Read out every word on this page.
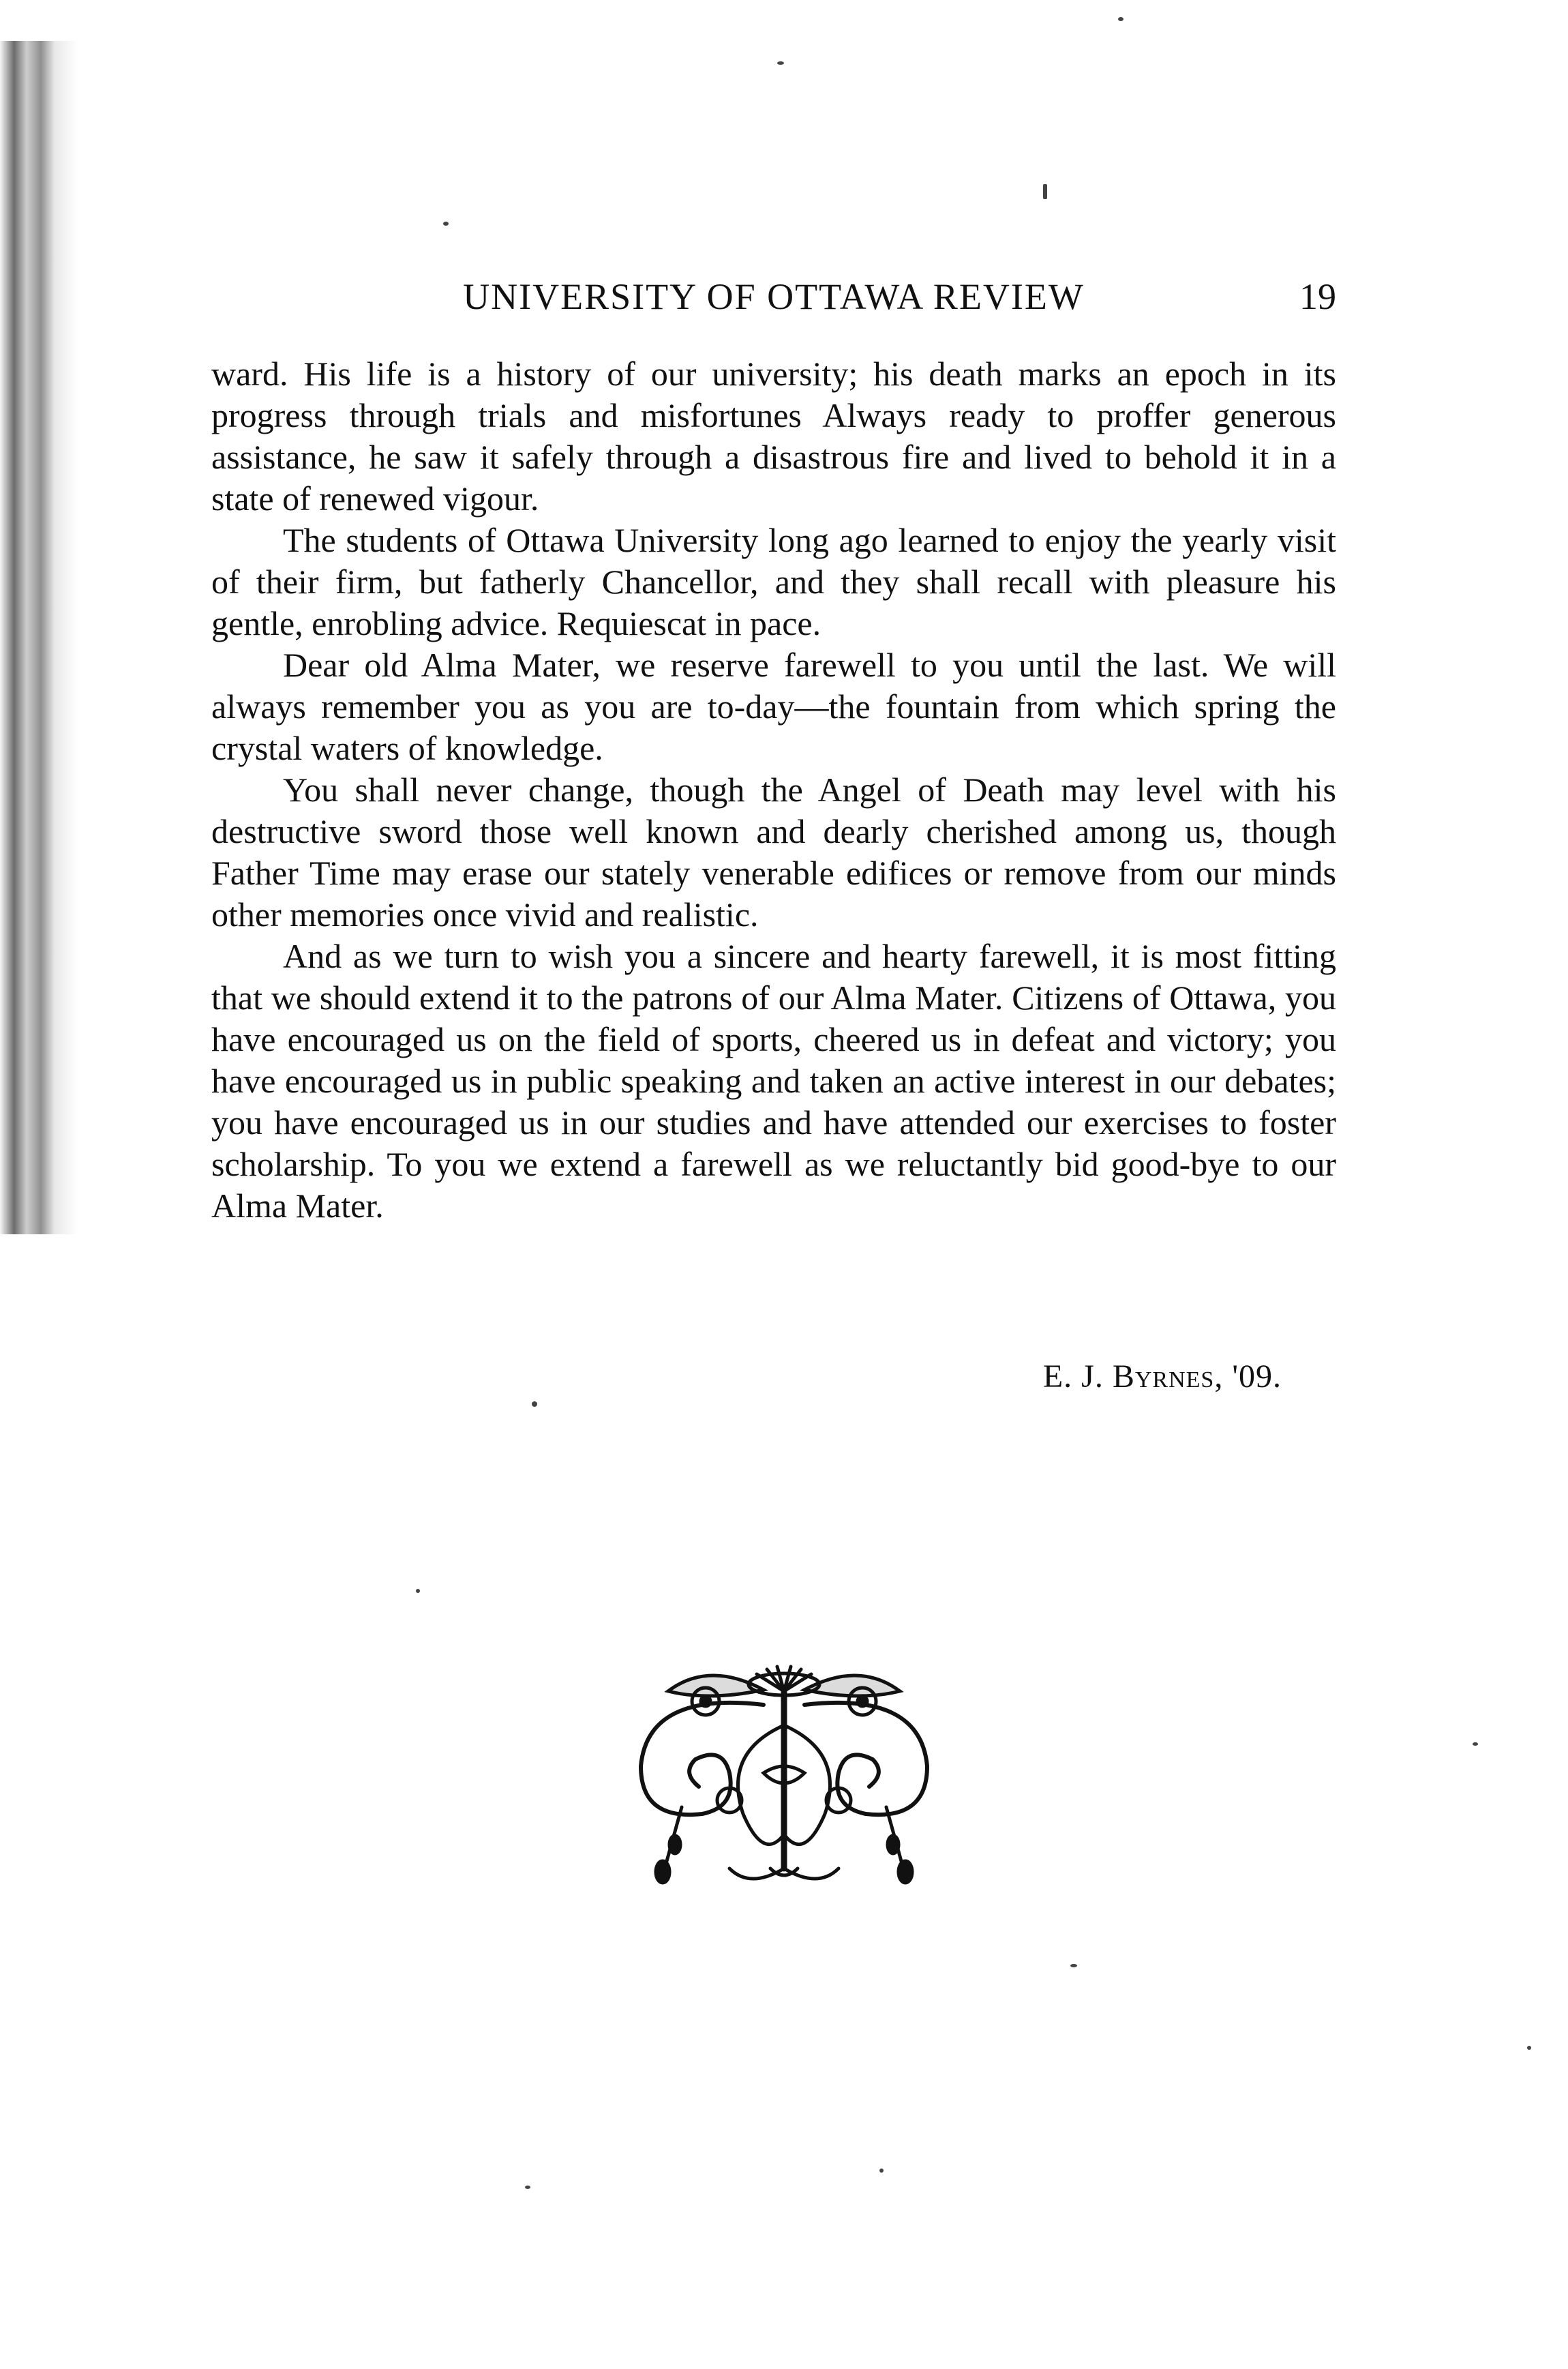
UNIVERSITY OF OTTAWA REVIEW	19

ward. His life is a history of our university; his death marks an epoch in its progress through trials and misfortunes Always ready to proffer generous assistance, he saw it safely through a disastrous fire and lived to behold it in a state of renewed vigour.

The students of Ottawa University long ago learned to enjoy the yearly visit of their firm, but fatherly Chancellor, and they shall recall with pleasure his gentle, enrobling advice. Requiescat in pace.

Dear old Alma Mater, we reserve farewell to you until the last. We will always remember you as you are to-day—the fountain from which spring the crystal waters of knowledge.

You shall never change, though the Angel of Death may level with his destructive sword those well known and dearly cherished among us, though Father Time may erase our stately venerable edifices or remove from our minds other memories once vivid and realistic.

And as we turn to wish you a sincere and hearty farewell, it is most fitting that we should extend it to the patrons of our Alma Mater. Citizens of Ottawa, you have encouraged us on the field of sports, cheered us in defeat and victory; you have encouraged us in public speaking and taken an active interest in our debates; you have encouraged us in our studies and have attended our exercises to foster scholarship. To you we extend a farewell as we reluctantly bid good-bye to our Alma Mater.

E. J. Byrnes, '09.
